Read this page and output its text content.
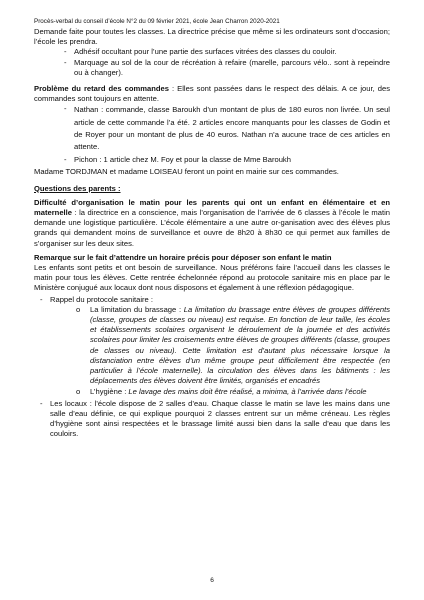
Procès-verbal du conseil d’école N°2 du 09 février 2021, école Jean Charron 2020-2021
Demande faite pour toutes les classes. La directrice précise que même si les ordinateurs sont d’occasion; l’école les prendra.
- Adhésif occultant pour l’une partie des surfaces vitrées des classes du couloir.
- Marquage au sol de la cour de récréation à refaire (marelle, parcours vélo.. sont à repeindre ou à changer).
Problème du retard des commandes : Elles sont passées dans le respect des délais. A ce jour, des commandes sont toujours en attente.
- Nathan : commande, classe Baroukh d’un montant de plus de 180 euros non livrée. Un seul article de cette commande l’a été. 2 articles encore manquants pour les classes de Godin et de Royer pour un montant de plus de 40 euros. Nathan n’a aucune trace de ces articles en attente.
- Pichon : 1 article chez M. Foy et pour la classe de Mme Baroukh
Madame TORDJMAN et madame LOISEAU feront un point en mairie sur ces commandes.
Questions des parents :
Difficulté d’organisation le matin pour les parents qui ont un enfant en élémentaire et en maternelle : la directrice en a conscience, mais l’organisation de l’arrivée de 6 classes à l’école le matin demande une logistique particulière. L’école élémentaire a une autre or-ganisation avec des élèves plus grands qui demandent moins de surveillance et ouvre de 8h20 à 8h30 ce qui permet aux familles de s’organiser sur les deux sites.
Remarque sur le fait d’attendre un horaire précis pour déposer son enfant le matin
Les enfants sont petits et ont besoin de surveillance. Nous préférons faire l’accueil dans les classes le matin pour tous les élèves. Cette rentrée échelonnée répond au protocole sanitaire mis en place par le Ministère conjugué aux locaux dont nous disposons et également à une réflexion pédagogique.
- Rappel du protocole sanitaire :
o	La limitation du brassage : La limitation du brassage entre élèves de groupes différents (classe, groupes de classes ou niveau) est requise. En fonction de leur taille, les écoles et établissements scolaires organisent le déroulement de la journée et des activités scolaires pour limiter les croisements entre élèves de groupes différents (classe, groupes de classes ou niveau). Cette limitation est d’autant plus nécessaire lorsque la distanciation entre élèves d’un même groupe peut difficilement être respectée (en particulier à l’école maternelle). la circulation des élèves dans les bâtiments : les déplacements des élèves doivent être limités, organisés et encadrés
o	L’hygiène : Le lavage des mains doit être réalisé, a minima, à l’arrivée dans l’école
- Les locaux : l’école dispose de 2 salles d’eau. Chaque classe le matin se lave les mains dans une salle d’eau définie, ce qui explique pourquoi 2 classes entrent sur un même créneau. Les règles d’hygiène sont ainsi respectées et le brassage limité aussi bien dans la salle d’eau que dans les couloirs.
6
